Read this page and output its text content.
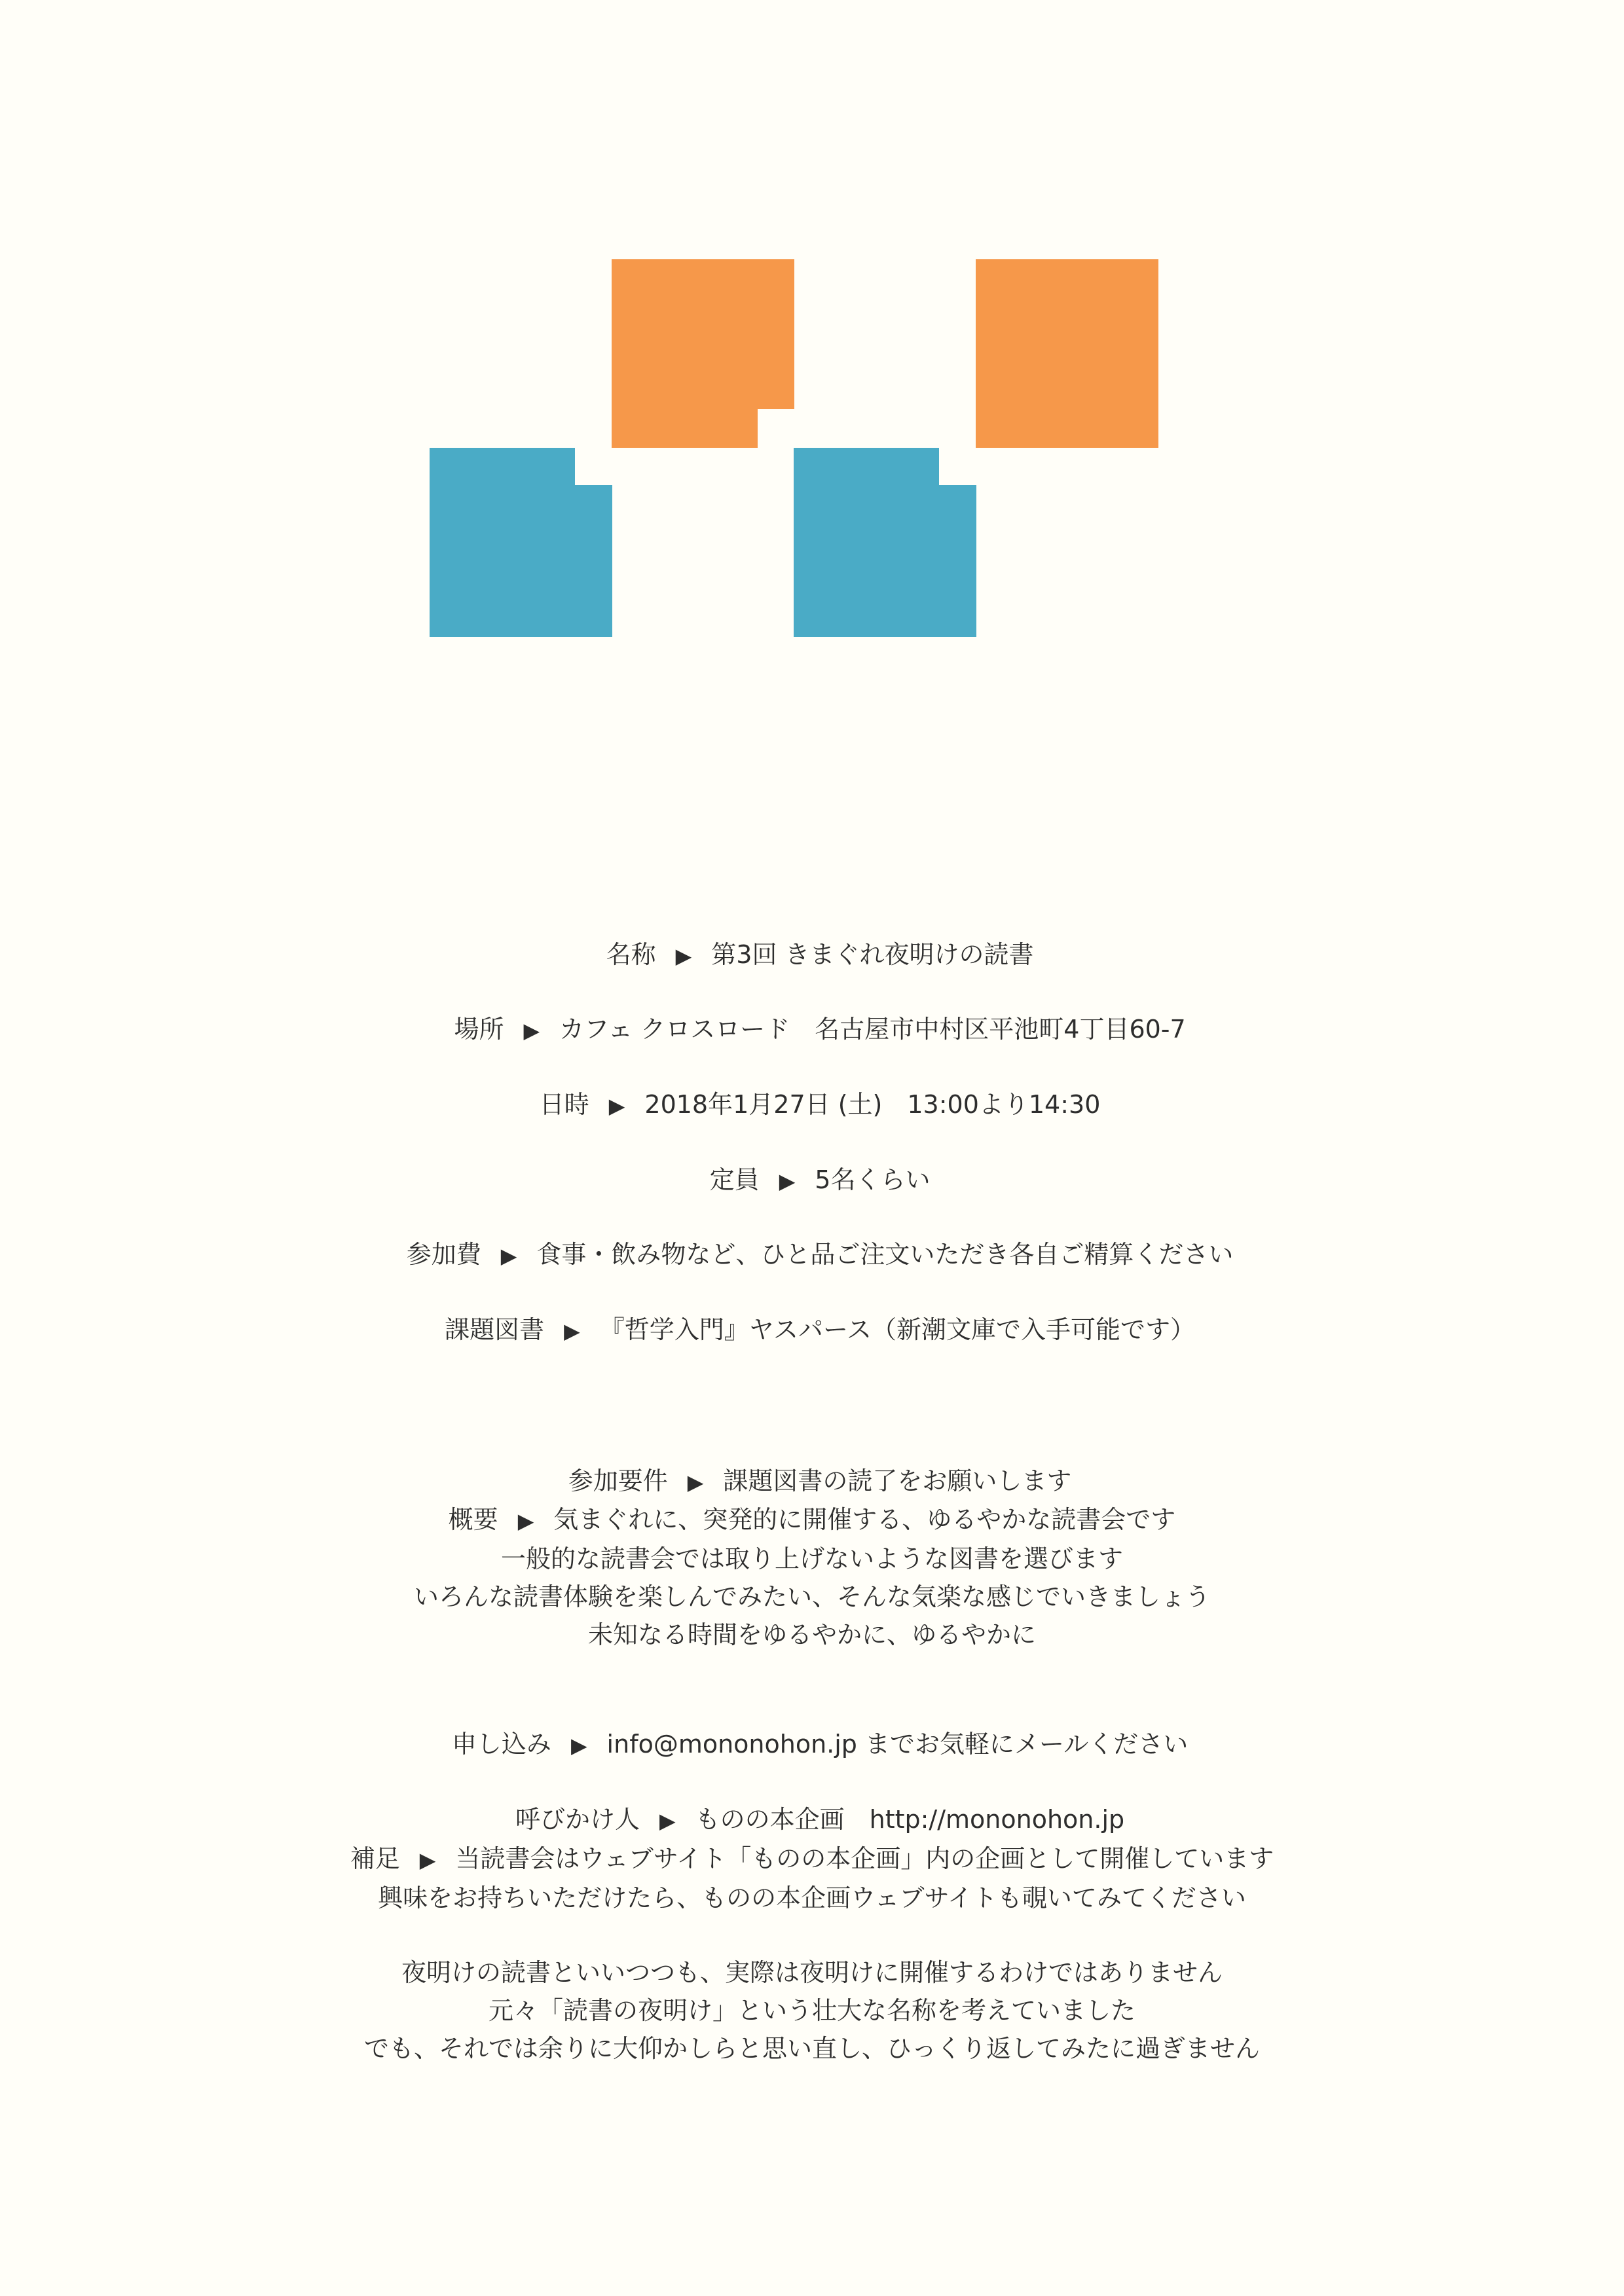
名称 ▶ 第3回 きまぐれ夜明けの読書

場所 ▶ カフェ クロスロード　名古屋市中村区平池町4丁目60-7

日時 ▶ 2018年1月27日 (土)　13:00より14:30

定員 ▶ 5名くらい

参加費 ▶ 食事・飲み物など、ひと品ご注文いただき各自ご精算ください

課題図書 ▶ 『哲学入門』ヤスパース（新潮文庫で入手可能です）

参加要件 ▶ 課題図書の読了をお願いします

概要 ▶ 気まぐれに、突発的に開催する、ゆるやかな読書会です
一般的な読書会では取り上げないような図書を選びます
いろんな読書体験を楽しんでみたい、そんな気楽な感じでいきましょう
未知なる時間をゆるやかに、ゆるやかに

申し込み ▶ info@mononohon.jp までお気軽にメールください

呼びかけ人 ▶ ものの本企画　http://mononohon.jp

補足 ▶ 当読書会はウェブサイト「ものの本企画」内の企画として開催しています
興味をお持ちいただけたら、ものの本企画ウェブサイトも覗いてみてください
夜明けの読書といいつつも、実際は夜明けに開催するわけではありません
元々「読書の夜明け」という壮大な名称を考えていました
でも、それでは余りに大仰かしらと思い直し、ひっくり返してみたに過ぎません
